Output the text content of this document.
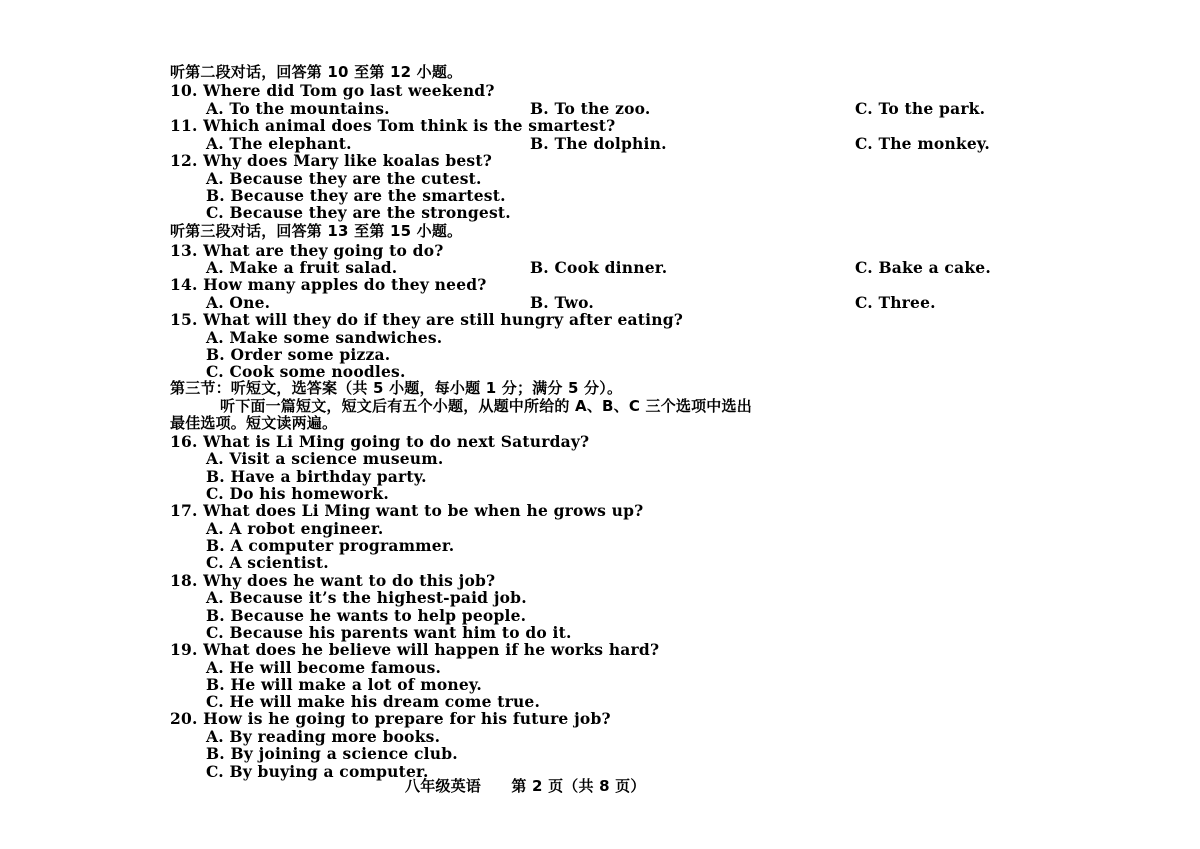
听第二段对话，回答第 10 至第 12 小题。
10. Where did Tom go last weekend?
A. To the mountains.	B. To the zoo.	C. To the park.
11. Which animal does Tom think is the smartest?
A. The elephant.	B. The dolphin.	C. The monkey.
12. Why does Mary like koalas best?
A. Because they are the cutest.
B. Because they are the smartest.
C. Because they are the strongest.
听第三段对话，回答第 13 至第 15 小题。
13. What are they going to do?
A. Make a fruit salad.	B. Cook dinner.	C. Bake a cake.
14. How many apples do they need?
A. One.	B. Two.	C. Three.
15. What will they do if they are still hungry after eating?
A. Make some sandwiches.
B. Order some pizza.
C. Cook some noodles.
第三节：听短文，选答案（共 5 小题，每小题 1 分；满分 5 分）。
听下面一篇短文，短文后有五个小题，从题中所给的 A、B、C 三个选项中选出
最佳选项。短文读两遍。
16. What is Li Ming going to do next Saturday?
A. Visit a science museum.
B. Have a birthday party.
C. Do his homework.
17. What does Li Ming want to be when he grows up?
A. A robot engineer.
B. A computer programmer.
C. A scientist.
18. Why does he want to do this job?
A. Because it’s the highest-paid job.
B. Because he wants to help people.
C. Because his parents want him to do it.
19. What does he believe will happen if he works hard?
A. He will become famous.
B. He will make a lot of money.
C. He will make his dream come true.
20. How is he going to prepare for his future job?
A. By reading more books.
B. By joining a science club.
C. By buying a computer.
八年级英语　　第 2 页（共 8 页）
